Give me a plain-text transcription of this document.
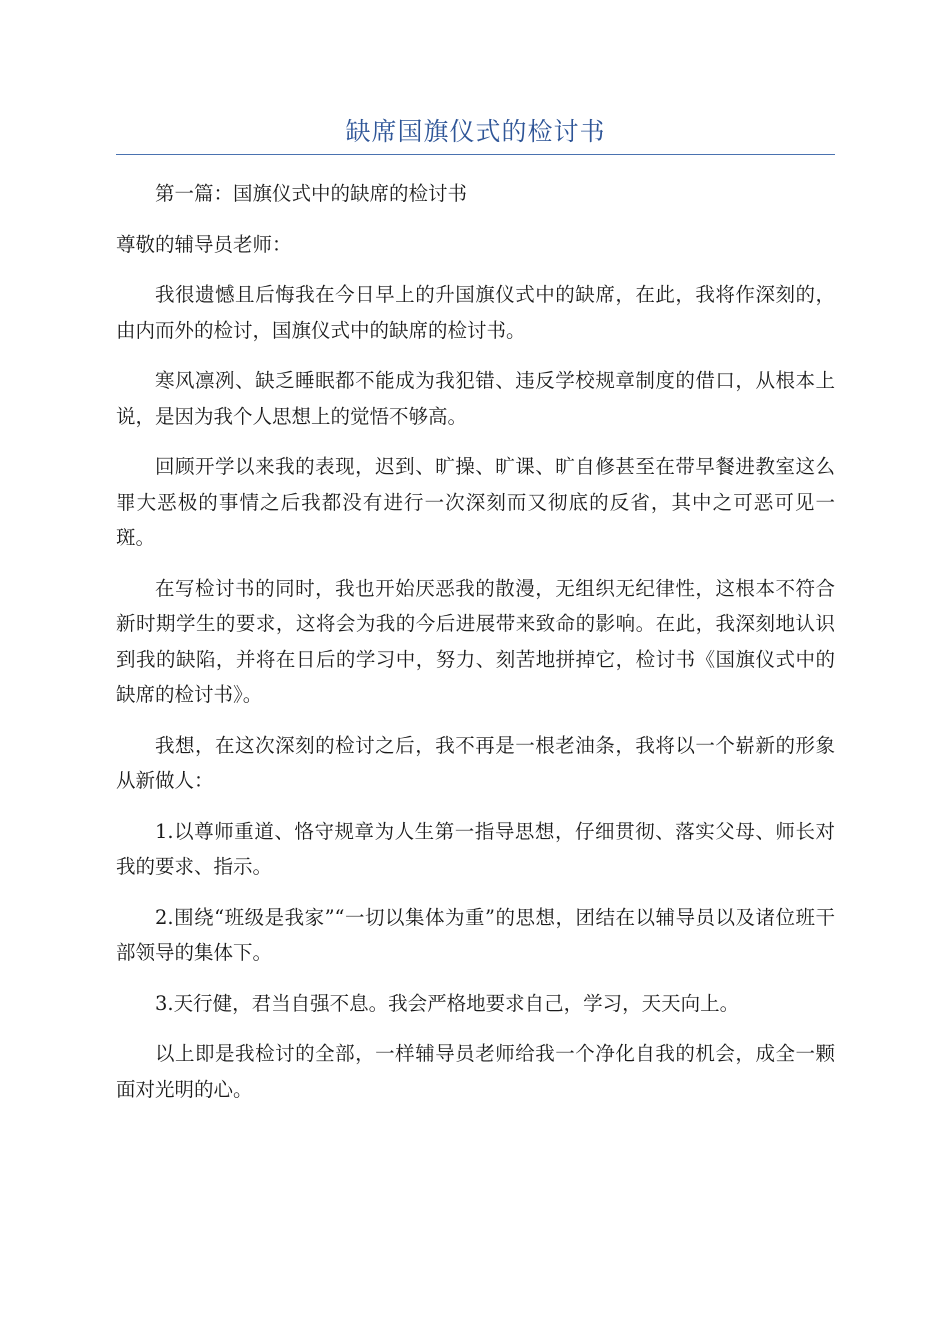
缺席国旗仪式的检讨书

第一篇：国旗仪式中的缺席的检讨书

尊敬的辅导员老师：

我很遗憾且后悔我在今日早上的升国旗仪式中的缺席，在此，我将作深刻的，由内而外的检讨，国旗仪式中的缺席的检讨书。

寒风凛冽、缺乏睡眠都不能成为我犯错、违反学校规章制度的借口，从根本上说，是因为我个人思想上的觉悟不够高。

回顾开学以来我的表现，迟到、旷操、旷课、旷自修甚至在带早餐进教室这么罪大恶极的事情之后我都没有进行一次深刻而又彻底的反省，其中之可恶可见一斑。

在写检讨书的同时，我也开始厌恶我的散漫，无组织无纪律性，这根本不符合新时期学生的要求，这将会为我的今后进展带来致命的影响。在此，我深刻地认识到我的缺陷，并将在日后的学习中，努力、刻苦地拼掉它，检讨书《国旗仪式中的缺席的检讨书》。

我想，在这次深刻的检讨之后，我不再是一根老油条，我将以一个崭新的形象从新做人：

1.以尊师重道、恪守规章为人生第一指导思想，仔细贯彻、落实父母、师长对我的要求、指示。

2.围绕“班级是我家”“一切以集体为重”的思想，团结在以辅导员以及诸位班干部领导的集体下。

3.天行健，君当自强不息。我会严格地要求自己，学习，天天向上。

以上即是我检讨的全部，一样辅导员老师给我一个净化自我的机会，成全一颗面对光明的心。
